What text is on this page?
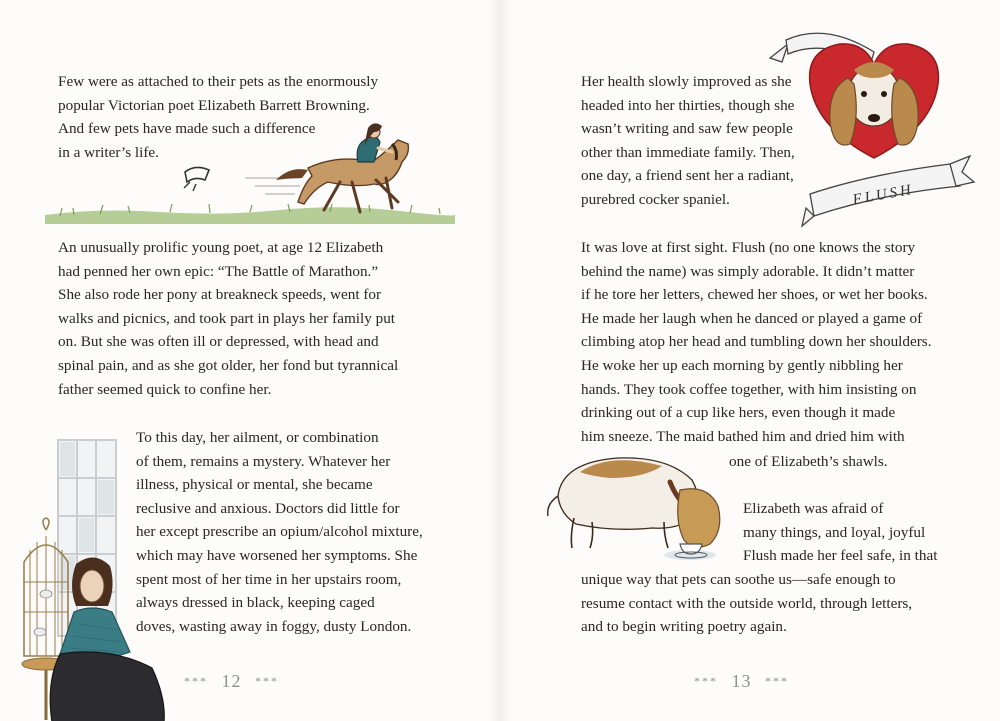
Few were as attached to their pets as the enormously
popular Victorian poet Elizabeth Barrett Browning.
And few pets have made such a difference
in a writer’s life.

An unusually prolific young poet, at age 12 Elizabeth
had penned her own epic: “The Battle of Marathon.”
She also rode her pony at breakneck speeds, went for
walks and picnics, and took part in plays her family put
on. But she was often ill or depressed, with head and
spinal pain, and as she got older, her fond but tyrannical
father seemed quick to confine her.

To this day, her ailment, or combination
of them, remains a mystery. Whatever her
illness, physical or mental, she became
reclusive and anxious. Doctors did little for
her except prescribe an opium/alcohol mixture,
which may have worsened her symptoms. She
spent most of her time in her upstairs room,
always dressed in black, keeping caged
doves, wasting away in foggy, dusty London.

*** 12 ***

Her health slowly improved as she
headed into her thirties, though she
wasn’t writing and saw few people
other than immediate family. Then,
one day, a friend sent her a radiant,
purebred cocker spaniel.	FLUSH

It was love at first sight. Flush (no one knows the story
behind the name) was simply adorable. It didn’t matter
if he tore her letters, chewed her shoes, or wet her books.
He made her laugh when he danced or played a game of
climbing atop her head and tumbling down her shoulders.
He woke her up each morning by gently nibbling her
hands. They took coffee together, with him insisting on
drinking out of a cup like hers, even though it made
him sneeze. The maid bathed him and dried him with

one of Elizabeth’s shawls.

Elizabeth was afraid of
many things, and loyal, joyful
Flush made her feel safe, in that

unique way that pets can soothe us—safe enough to
resume contact with the outside world, through letters,
and to begin writing poetry again.

*** 13 ***
